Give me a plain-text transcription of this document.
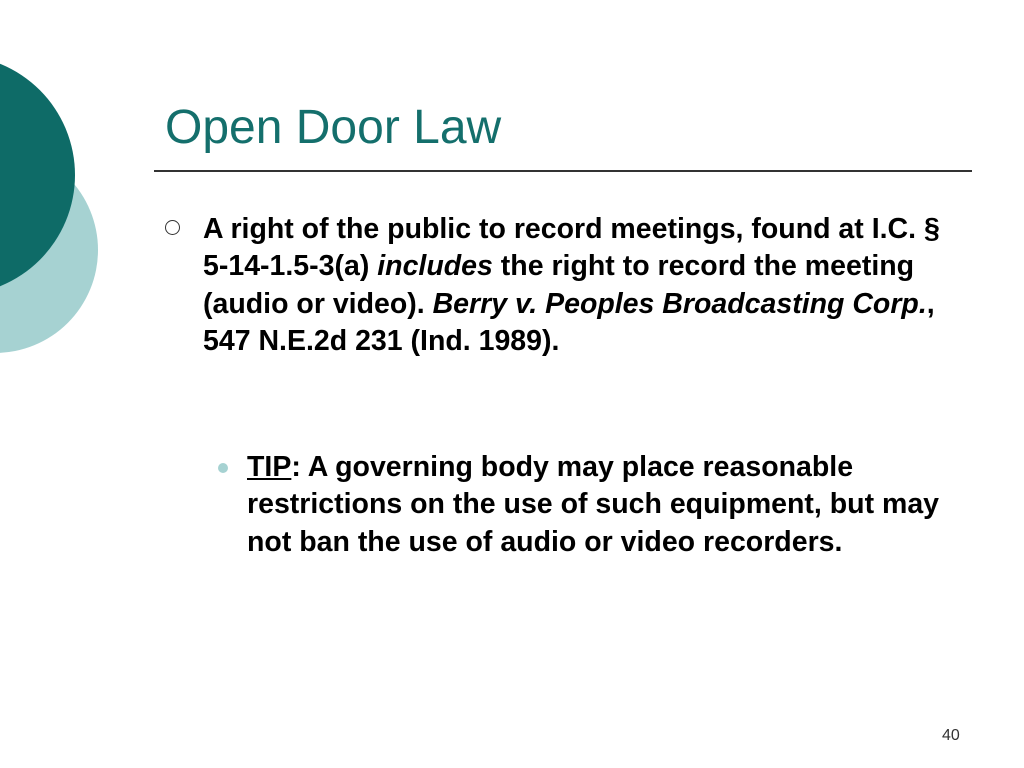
Open Door Law
A right of the public to record meetings, found at I.C. § 5-14-1.5-3(a) includes the right to record the meeting (audio or video). Berry v. Peoples Broadcasting Corp., 547 N.E.2d 231 (Ind. 1989).
TIP: A governing body may place reasonable restrictions on the use of such equipment, but may not ban the use of audio or video recorders.
40
